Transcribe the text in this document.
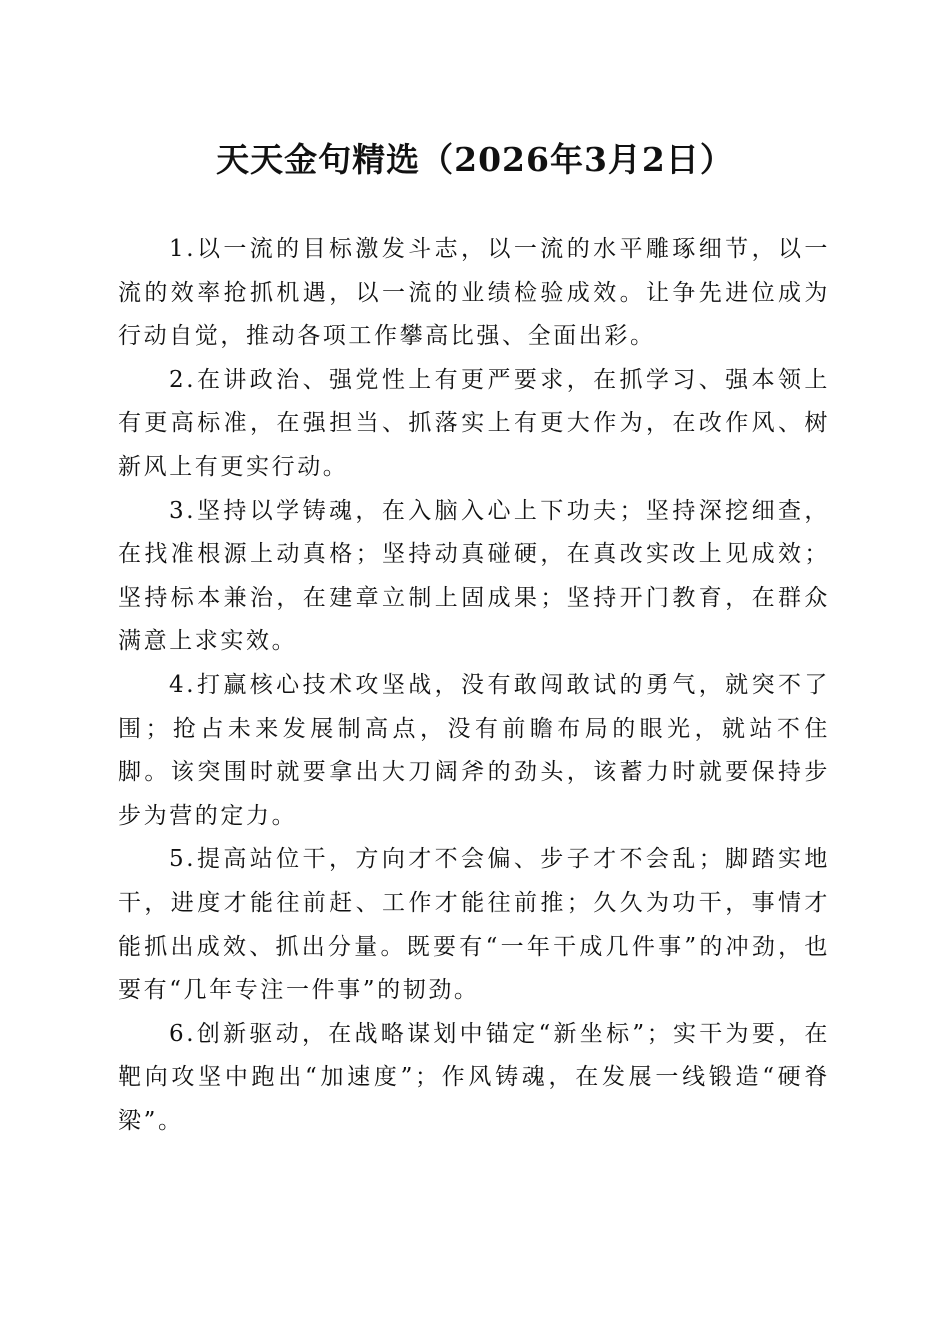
天天金句精选（2026年3月2日）

1.以一流的目标激发斗志，以一流的水平雕琢细节，以一流的效率抢抓机遇，以一流的业绩检验成效。让争先进位成为行动自觉，推动各项工作攀高比强、全面出彩。

2.在讲政治、强党性上有更严要求，在抓学习、强本领上有更高标准，在强担当、抓落实上有更大作为，在改作风、树新风上有更实行动。

3.坚持以学铸魂，在入脑入心上下功夫；坚持深挖细查，在找准根源上动真格；坚持动真碰硬，在真改实改上见成效；坚持标本兼治，在建章立制上固成果；坚持开门教育，在群众满意上求实效。

4.打赢核心技术攻坚战，没有敢闯敢试的勇气，就突不了围；抢占未来发展制高点，没有前瞻布局的眼光，就站不住脚。该突围时就要拿出大刀阔斧的劲头，该蓄力时就要保持步步为营的定力。

5.提高站位干，方向才不会偏、步子才不会乱；脚踏实地干，进度才能往前赶、工作才能往前推；久久为功干，事情才能抓出成效、抓出分量。既要有“一年干成几件事”的冲劲，也要有“几年专注一件事”的韧劲。

6.创新驱动，在战略谋划中锚定“新坐标”；实干为要，在靶向攻坚中跑出“加速度”；作风铸魂，在发展一线锻造“硬脊梁”。
